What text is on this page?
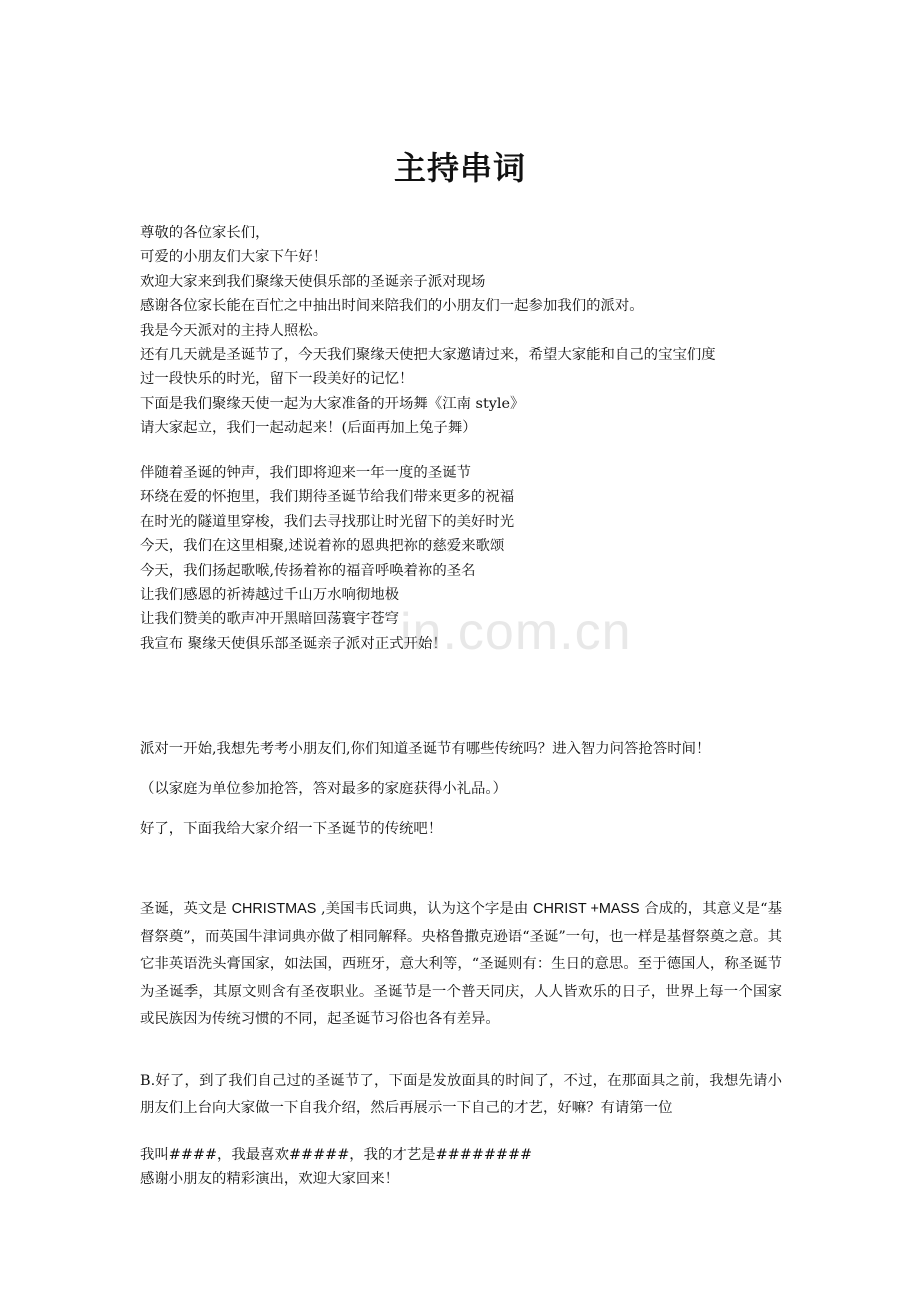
主持串词
尊敬的各位家长们，
可爱的小朋友们大家下午好！
欢迎大家来到我们聚缘天使俱乐部的圣诞亲子派对现场
感谢各位家长能在百忙之中抽出时间来陪我们的小朋友们一起参加我们的派对。
我是今天派对的主持人照松。
还有几天就是圣诞节了，今天我们聚缘天使把大家邀请过来，希望大家能和自己的宝宝们度
过一段快乐的时光，留下一段美好的记忆！
下面是我们聚缘天使一起为大家准备的开场舞《江南 style》
请大家起立，我们一起动起来！(后面再加上兔子舞）
伴随着圣诞的钟声，我们即将迎来一年一度的圣诞节
环绕在爱的怀抱里，我们期待圣诞节给我们带来更多的祝福
在时光的隧道里穿梭，我们去寻找那让时光留下的美好时光
今天，我们在这里相聚,述说着祢的恩典把祢的慈爱来歌颂
今天，我们扬起歌喉,传扬着祢的福音呼唤着祢的圣名
让我们感恩的祈祷越过千山万水响彻地极
让我们赞美的歌声冲开黑暗回荡寰宇苍穹
我宣布 聚缘天使俱乐部圣诞亲子派对正式开始！
in.com.cn
派对一开始,我想先考考小朋友们,你们知道圣诞节有哪些传统吗？进入智力问答抢答时间！
（以家庭为单位参加抢答，答对最多的家庭获得小礼品。）
好了，下面我给大家介绍一下圣诞节的传统吧！
圣诞，英文是 CHRISTMAS ,美国韦氏词典，认为这个字是由 CHRIST +MASS 合成的，其意义是“基督祭奠”，而英国牛津词典亦做了相同解释。央格鲁撒克逊语“圣诞”一句，也一样是基督祭奠之意。其它非英语洗头膏国家，如法国，西班牙，意大利等，“圣诞则有：生日的意思。至于德国人，称圣诞节为圣诞季，其原文则含有圣夜职业。圣诞节是一个普天同庆，人人皆欢乐的日子，世界上每一个国家或民族因为传统习惯的不同，起圣诞节习俗也各有差异。
B.好了，到了我们自己过的圣诞节了，下面是发放面具的时间了，不过，在那面具之前，我想先请小朋友们上台向大家做一下自我介绍，然后再展示一下自己的才艺，好嘛？有请第一位
我叫####，我最喜欢#####，我的才艺是########
感谢小朋友的精彩演出，欢迎大家回来！
